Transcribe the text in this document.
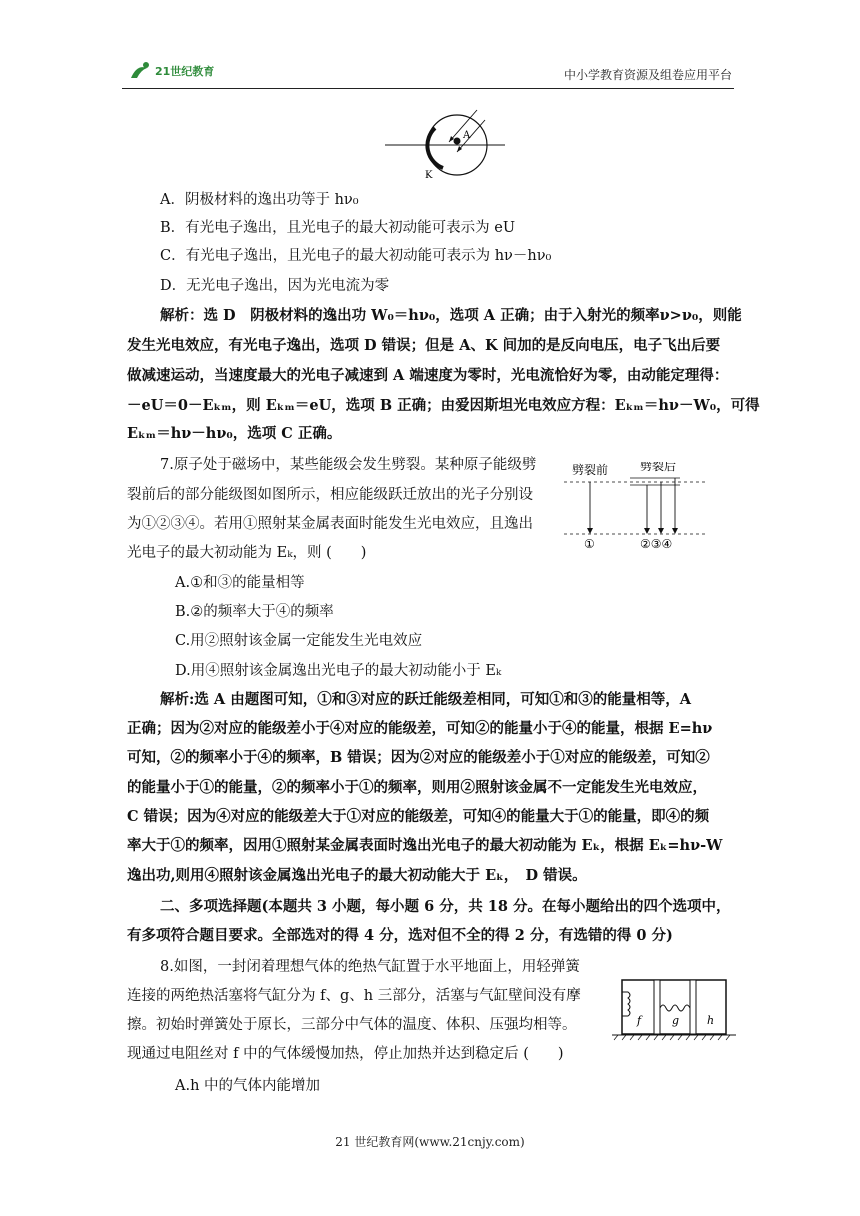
21世纪教育	中小学教育资源及组卷应用平台
A
K
A．阴极材料的逸出功等于 hν₀
B．有光电子逸出，且光电子的最大初动能可表示为 eU
C．有光电子逸出，且光电子的最大初动能可表示为 hν－hν₀
D．无光电子逸出，因为光电流为零
解析：选 D　阴极材料的逸出功 W₀＝hν₀，选项 A 正确；由于入射光的频率ν>ν₀，则能
发生光电效应，有光电子逸出，选项 D 错误；但是 A、K 间加的是反向电压，电子飞出后要
做减速运动，当速度最大的光电子减速到 A 端速度为零时，光电流恰好为零，由动能定理得：
－eU＝0－Eₖₘ，则 Eₖₘ＝eU，选项 B 正确；由爱因斯坦光电效应方程：Eₖₘ＝hν－W₀，可得
Eₖₘ＝hν－hν₀，选项 C 正确。
7.原子处于磁场中，某些能级会发生劈裂。某种原子能级劈
裂前后的部分能级图如图所示，相应能级跃迁放出的光子分别设
为①②③④。若用①照射某金属表面时能发生光电效应，且逸出
光电子的最大初动能为 Eₖ，则 (　　)
劈裂前	劈裂后
①	②③④
A.①和③的能量相等
B.②的频率大于④的频率
C.用②照射该金属一定能发生光电效应
D.用④照射该金属逸出光电子的最大初动能小于 Eₖ
解析:选 A 由题图可知，①和③对应的跃迁能级差相同，可知①和③的能量相等，A
正确；因为②对应的能级差小于④对应的能级差，可知②的能量小于④的能量，根据 E=hν
可知，②的频率小于④的频率，B 错误；因为②对应的能级差小于①对应的能级差，可知②
的能量小于①的能量，②的频率小于①的频率，则用②照射该金属不一定能发生光电效应，
C 错误；因为④对应的能级差大于①对应的能级差，可知④的能量大于①的能量，即④的频
率大于①的频率，因用①照射某金属表面时逸出光电子的最大初动能为 Eₖ，根据 Eₖ=hν-W
逸出功,则用④照射该金属逸出光电子的最大初动能大于 Eₖ，　D 错误。
二、多项选择题(本题共 3 小题，每小题 6 分，共 18 分。在每小题给出的四个选项中，
有多项符合题目要求。全部选对的得 4 分，选对但不全的得 2 分，有选错的得 0 分)
8.如图，一封闭着理想气体的绝热气缸置于水平地面上，用轻弹簧
连接的两绝热活塞将气缸分为 f、g、h 三部分，活塞与气缸壁间没有摩
擦。初始时弹簧处于原长，三部分中气体的温度、体积、压强均相等。
现通过电阻丝对 f 中的气体缓慢加热，停止加热并达到稳定后 (　　)
A.h 中的气体内能增加
f	g	h
21 世纪教育网(www.21cnjy.com)
